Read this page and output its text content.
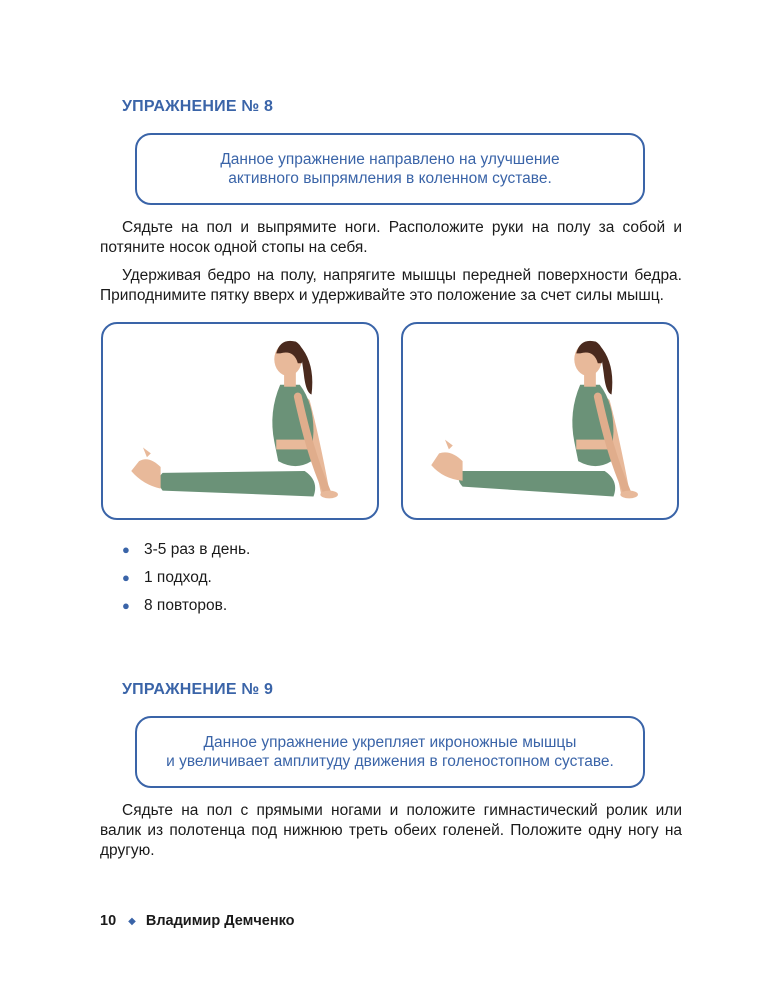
УПРАЖНЕНИЕ № 8
Данное упражнение направлено на улучшение
активного выпрямления в коленном суставе.

Сядьте на пол и выпрямите ноги. Расположите руки на полу за собой и потяните носок одной стопы на себя.

Удерживая бедро на полу, напрягите мышцы передней поверхности бедра. Приподнимите пятку вверх и удерживайте это положение за счет силы мышц.

● 3-5 раз в день.
● 1 подход.
● 8 повторов.
УПРАЖНЕНИЕ № 9
Данное упражнение укрепляет икроножные мышцы
и увеличивает амплитуду движения в голеностопном суставе.

Сядьте на пол с прямыми ногами и положите гимнастический ролик или валик из полотенца под нижнюю треть обеих голеней. Положите одну ногу на другую.

10 ◆ Владимир Демченко
